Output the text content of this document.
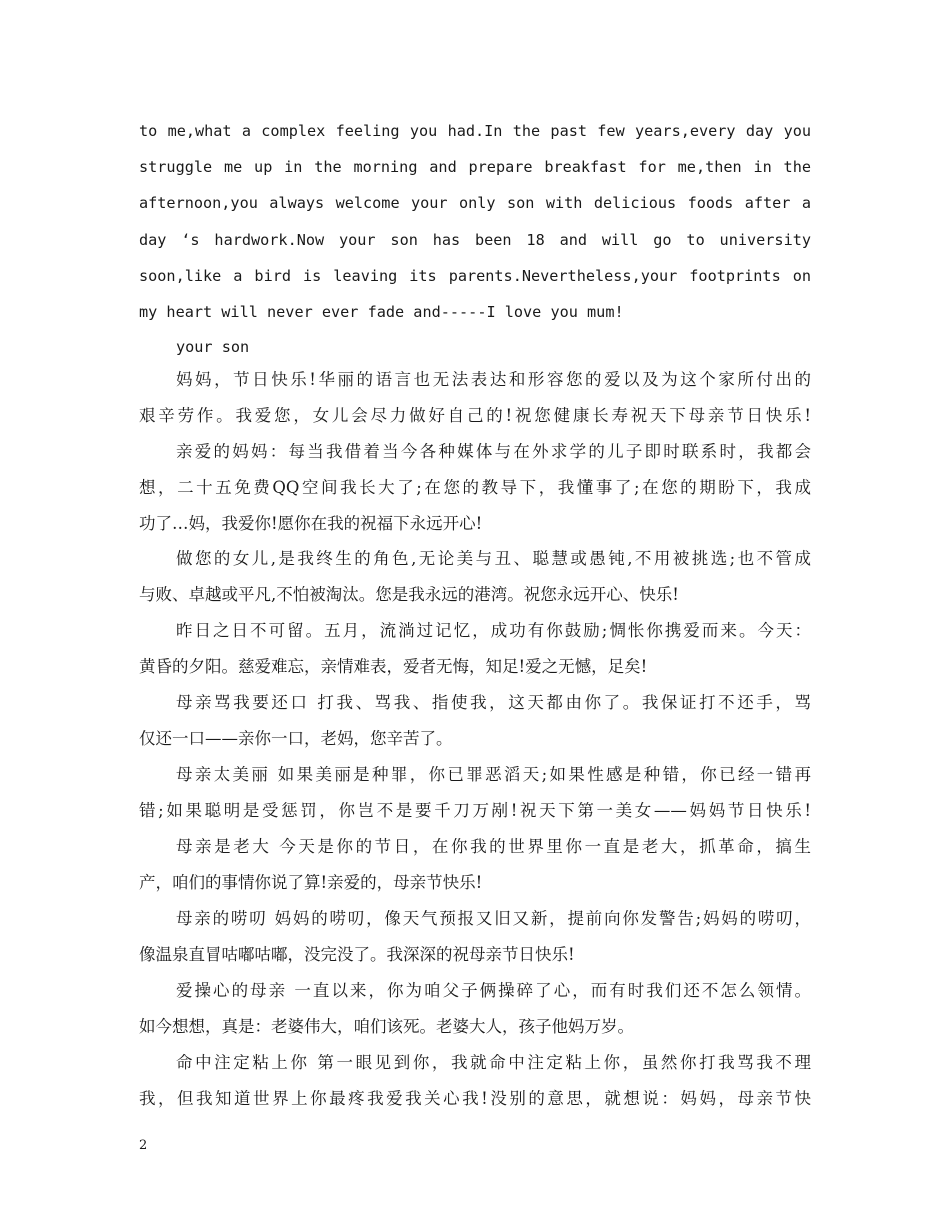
to me,what a complex feeling you had.In the past few years,every day you
struggle me up in the morning and prepare breakfast for me,then in the
afternoon,you always welcome your only son with delicious foods after a
day ‘s hardwork.Now your son has been 18 and will go to university
soon,like a bird is leaving its parents.Nevertheless,your footprints on
my heart will never ever fade and-----I love you mum!
your son
妈妈，节日快乐!华丽的语言也无法表达和形容您的爱以及为这个家所付出的
艰辛劳作。我爱您，女儿会尽力做好自己的!祝您健康长寿祝天下母亲节日快乐!
亲爱的妈妈：每当我借着当今各种媒体与在外求学的儿子即时联系时，我都会
想，二十五免费QQ空间我长大了;在您的教导下，我懂事了;在您的期盼下，我成
功了…妈，我爱你!愿你在我的祝福下永远开心!
做您的女儿,是我终生的角色,无论美与丑、聪慧或愚钝,不用被挑选;也不管成
与败、卓越或平凡,不怕被淘汰。您是我永远的港湾。祝您永远开心、快乐!
昨日之日不可留。五月，流淌过记忆，成功有你鼓励;惆怅你携爱而来。今天：
黄昏的夕阳。慈爱难忘，亲情难表，爱者无悔，知足!爱之无憾，足矣!
母亲骂我要还口 打我、骂我、指使我，这天都由你了。我保证打不还手，骂
仅还一口——亲你一口，老妈，您辛苦了。
母亲太美丽 如果美丽是种罪，你已罪恶滔天;如果性感是种错，你已经一错再
错;如果聪明是受惩罚，你岂不是要千刀万剐!祝天下第一美女——妈妈节日快乐!
母亲是老大 今天是你的节日，在你我的世界里你一直是老大，抓革命，搞生
产，咱们的事情你说了算!亲爱的，母亲节快乐!
母亲的唠叨 妈妈的唠叨，像天气预报又旧又新，提前向你发警告;妈妈的唠叨，
像温泉直冒咕嘟咕嘟，没完没了。我深深的祝母亲节日快乐!
爱操心的母亲 一直以来，你为咱父子俩操碎了心，而有时我们还不怎么领情。
如今想想，真是：老婆伟大，咱们该死。老婆大人，孩子他妈万岁。
命中注定粘上你 第一眼见到你，我就命中注定粘上你，虽然你打我骂我不理
我，但我知道世界上你最疼我爱我关心我!没别的意思，就想说：妈妈，母亲节快
2
